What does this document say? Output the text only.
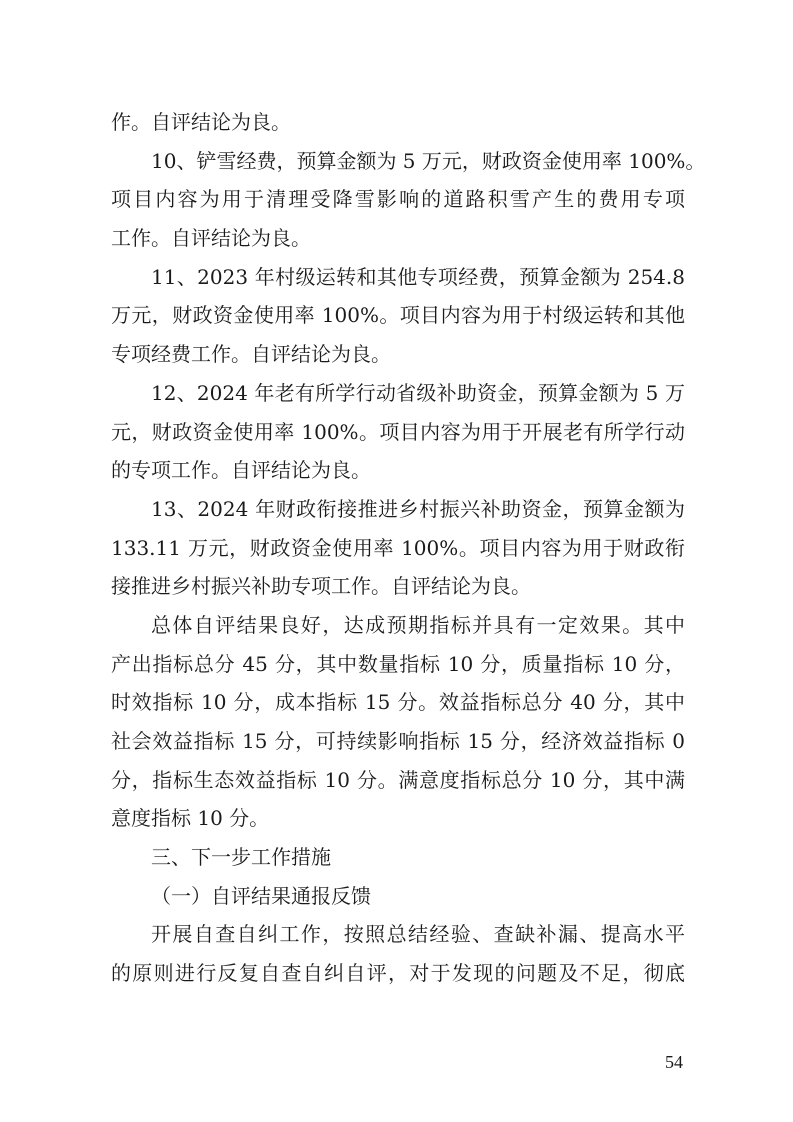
作。自评结论为良。
10、铲雪经费，预算金额为 5 万元，财政资金使用率 100%。
项目内容为用于清理受降雪影响的道路积雪产生的费用专项
工作。自评结论为良。
11、2023 年村级运转和其他专项经费，预算金额为 254.8
万元，财政资金使用率 100%。项目内容为用于村级运转和其他
专项经费工作。自评结论为良。
12、2024 年老有所学行动省级补助资金，预算金额为 5 万
元，财政资金使用率 100%。项目内容为用于开展老有所学行动
的专项工作。自评结论为良。
13、2024 年财政衔接推进乡村振兴补助资金，预算金额为
133.11 万元，财政资金使用率 100%。项目内容为用于财政衔
接推进乡村振兴补助专项工作。自评结论为良。
总体自评结果良好，达成预期指标并具有一定效果。其中
产出指标总分 45 分，其中数量指标 10 分，质量指标 10 分，
时效指标 10 分，成本指标 15 分。效益指标总分 40 分，其中
社会效益指标 15 分，可持续影响指标 15 分，经济效益指标 0
分，指标生态效益指标 10 分。满意度指标总分 10 分，其中满
意度指标 10 分。
三、下一步工作措施
（一）自评结果通报反馈
开展自查自纠工作，按照总结经验、查缺补漏、提高水平
的原则进行反复自查自纠自评，对于发现的问题及不足，彻底
54
